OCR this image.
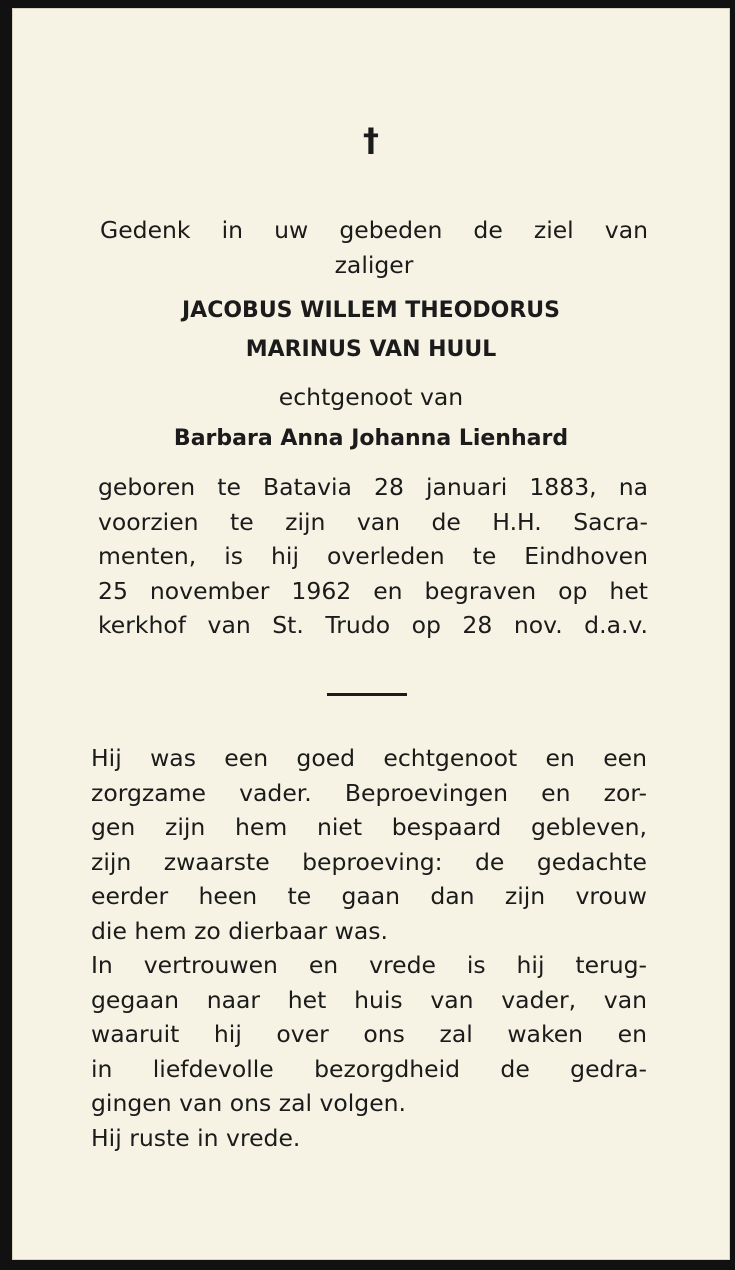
†
Gedenk in uw gebeden de ziel van
zaliger
JACOBUS WILLEM THEODORUS
MARINUS VAN HUUL
echtgenoot van
Barbara Anna Johanna Lienhard
geboren te Batavia 28 januari 1883, na
voorzien te zijn van de H.H. Sacra-
menten, is hij overleden te Eindhoven
25 november 1962 en begraven op het
kerkhof van St. Trudo op 28 nov. d.a.v.
Hij was een goed echtgenoot en een
zorgzame vader. Beproevingen en zor-
gen zijn hem niet bespaard gebleven,
zijn zwaarste beproeving: de gedachte
eerder heen te gaan dan zijn vrouw
die hem zo dierbaar was.
In vertrouwen en vrede is hij terug-
gegaan naar het huis van vader, van
waaruit hij over ons zal waken en
in liefdevolle bezorgdheid de gedra-
gingen van ons zal volgen.
Hij ruste in vrede.
